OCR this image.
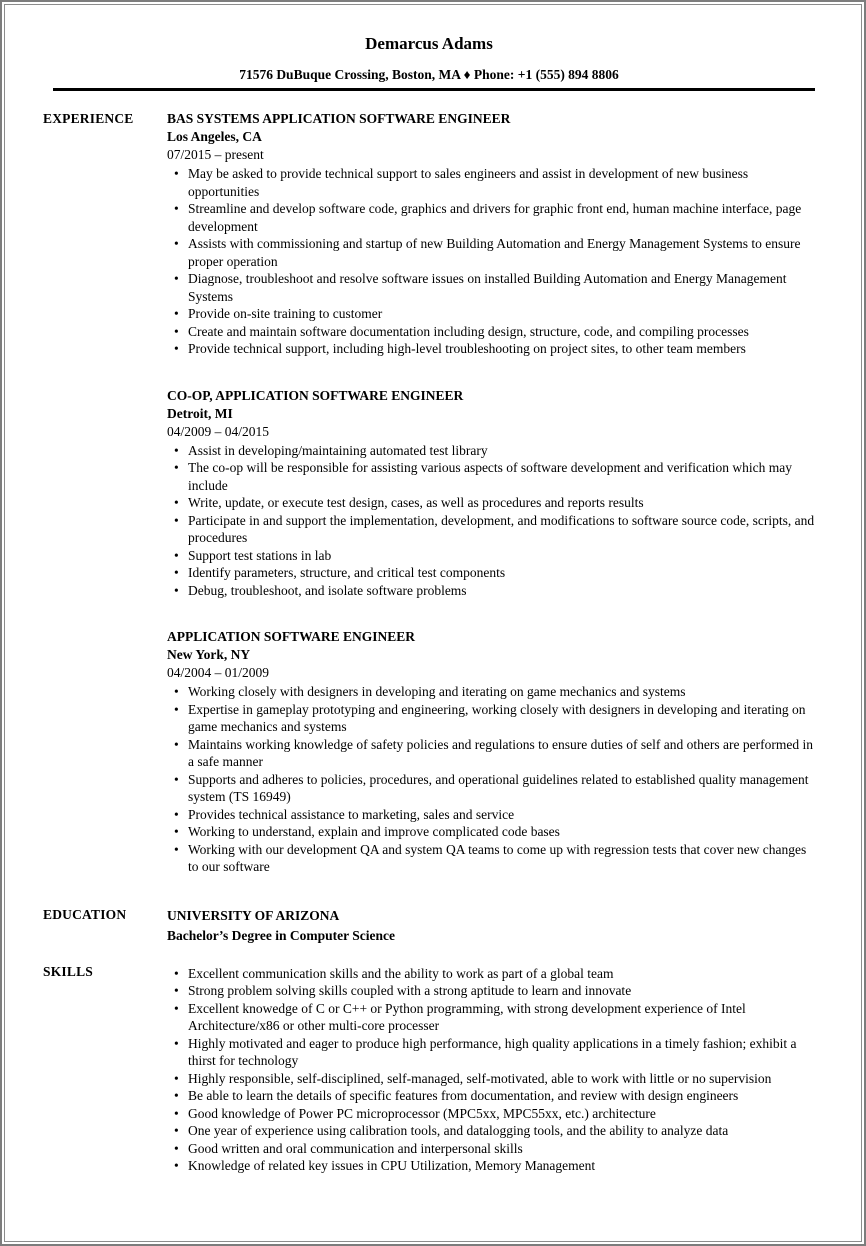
Demarcus Adams
71576 DuBuque Crossing, Boston, MA ♦ Phone: +1 (555) 894 8806
EXPERIENCE	BAS SYSTEMS APPLICATION SOFTWARE ENGINEER
Los Angeles, CA
07/2015 – present
• May be asked to provide technical support to sales engineers and assist in development of new business opportunities
• Streamline and develop software code, graphics and drivers for graphic front end, human machine interface, page development
• Assists with commissioning and startup of new Building Automation and Energy Management Systems to ensure proper operation
• Diagnose, troubleshoot and resolve software issues on installed Building Automation and Energy Management Systems
• Provide on-site training to customer
• Create and maintain software documentation including design, structure, code, and compiling processes
• Provide technical support, including high-level troubleshooting on project sites, to other team members
CO-OP, APPLICATION SOFTWARE ENGINEER
Detroit, MI
04/2009 – 04/2015
• Assist in developing/maintaining automated test library
• The co-op will be responsible for assisting various aspects of software development and verification which may include
• Write, update, or execute test design, cases, as well as procedures and reports results
• Participate in and support the implementation, development, and modifications to software source code, scripts, and procedures
• Support test stations in lab
• Identify parameters, structure, and critical test components
• Debug, troubleshoot, and isolate software problems
APPLICATION SOFTWARE ENGINEER
New York, NY
04/2004 – 01/2009
• Working closely with designers in developing and iterating on game mechanics and systems
• Expertise in gameplay prototyping and engineering, working closely with designers in developing and iterating on game mechanics and systems
• Maintains working knowledge of safety policies and regulations to ensure duties of self and others are performed in a safe manner
• Supports and adheres to policies, procedures, and operational guidelines related to established quality management system (TS 16949)
• Provides technical assistance to marketing, sales and service
• Working to understand, explain and improve complicated code bases
• Working with our development QA and system QA teams to come up with regression tests that cover new changes to our software
EDUCATION	UNIVERSITY OF ARIZONA
Bachelor’s Degree in Computer Science
SKILLS	• Excellent communication skills and the ability to work as part of a global team
• Strong problem solving skills coupled with a strong aptitude to learn and innovate
• Excellent knowedge of C or C++ or Python programming, with strong development experience of Intel Architecture/x86 or other multi-core processer
• Highly motivated and eager to produce high performance, high quality applications in a timely fashion; exhibit a thirst for technology
• Highly responsible, self-disciplined, self-managed, self-motivated, able to work with little or no supervision
• Be able to learn the details of specific features from documentation, and review with design engineers
• Good knowledge of Power PC microprocessor (MPC5xx, MPC55xx, etc.) architecture
• One year of experience using calibration tools, and datalogging tools, and the ability to analyze data
• Good written and oral communication and interpersonal skills
• Knowledge of related key issues in CPU Utilization, Memory Management
